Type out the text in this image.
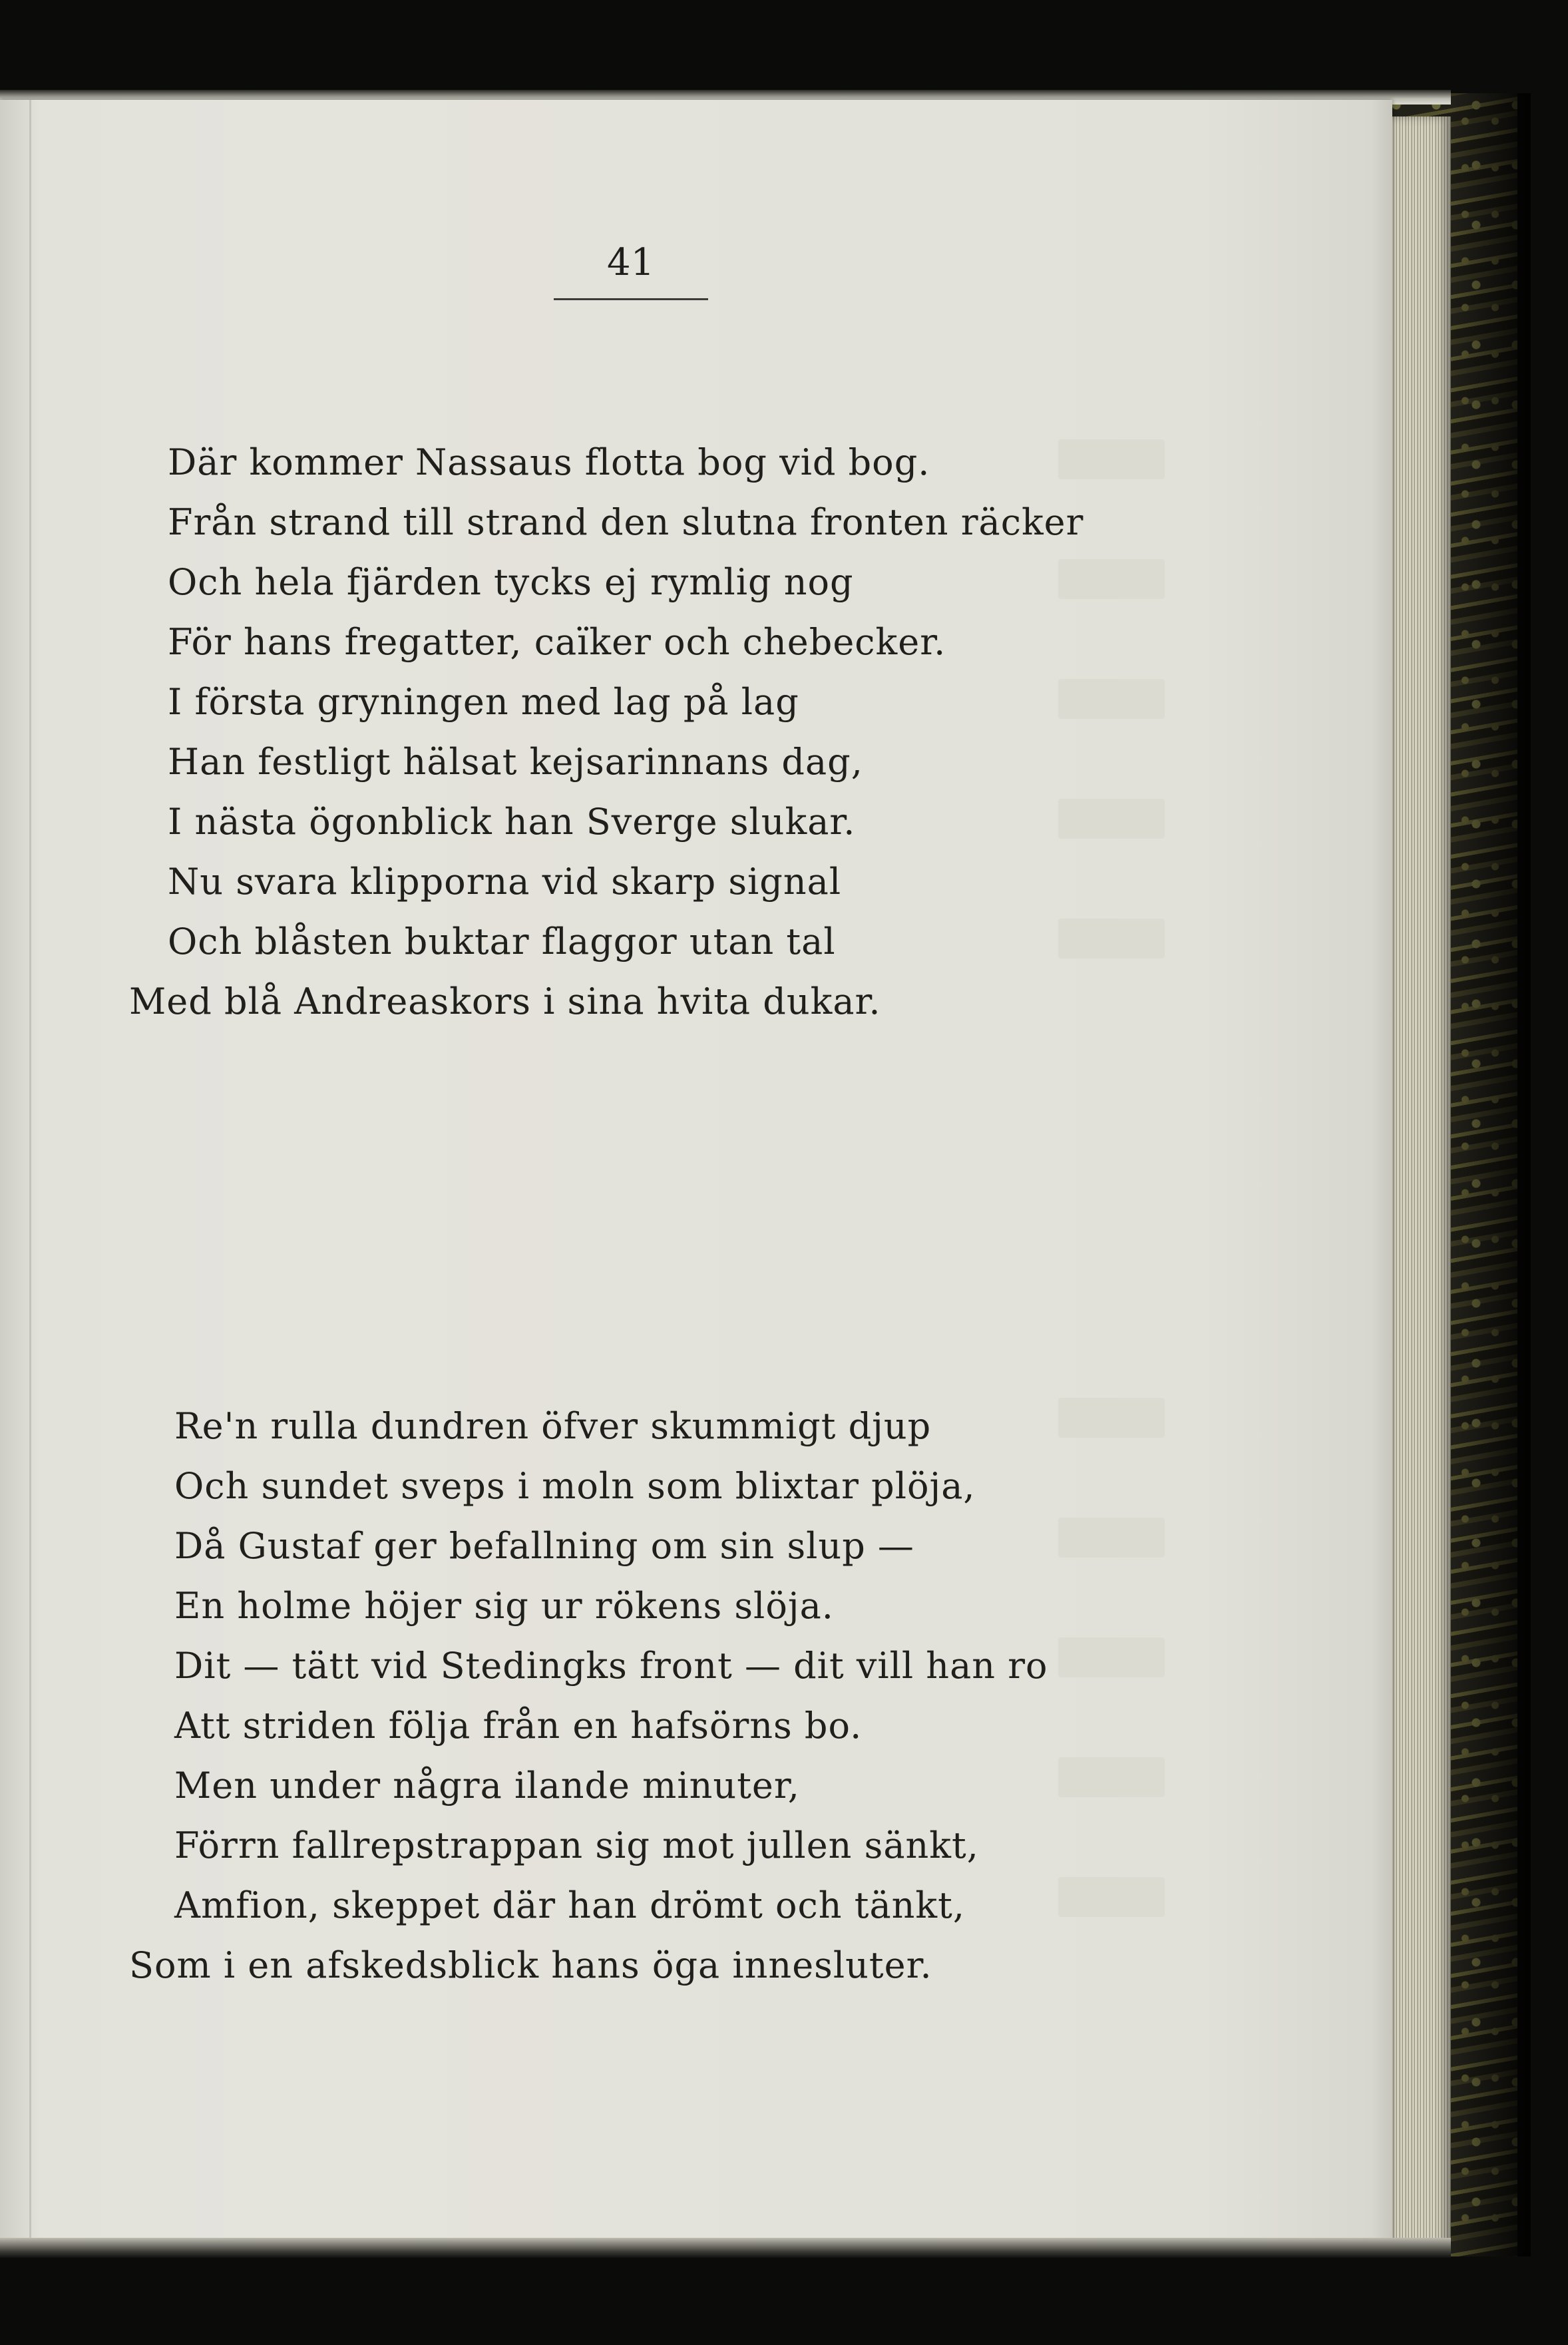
41
Där kommer Nassaus flotta bog vid bog.
Från strand till strand den slutna fronten räcker
Och hela fjärden tycks ej rymlig nog
För hans fregatter, caïker och chebecker.
I första gryningen med lag på lag
Han festligt hälsat kejsarinnans dag,
I nästa ögonblick han Sverge slukar.
Nu svara klipporna vid skarp signal
Och blåsten buktar flaggor utan tal
Med blå Andreaskors i sina hvita dukar.
Re'n rulla dundren öfver skummigt djup
Och sundet sveps i moln som blixtar plöja,
Då Gustaf ger befallning om sin slup —
En holme höjer sig ur rökens slöja.
Dit — tätt vid Stedingks front — dit vill han ro
Att striden följa från en hafsörns bo.
Men under några ilande minuter,
Förrn fallrepstrappan sig mot jullen sänkt,
Amfion, skeppet där han drömt och tänkt,
Som i en afskedsblick hans öga innesluter.
